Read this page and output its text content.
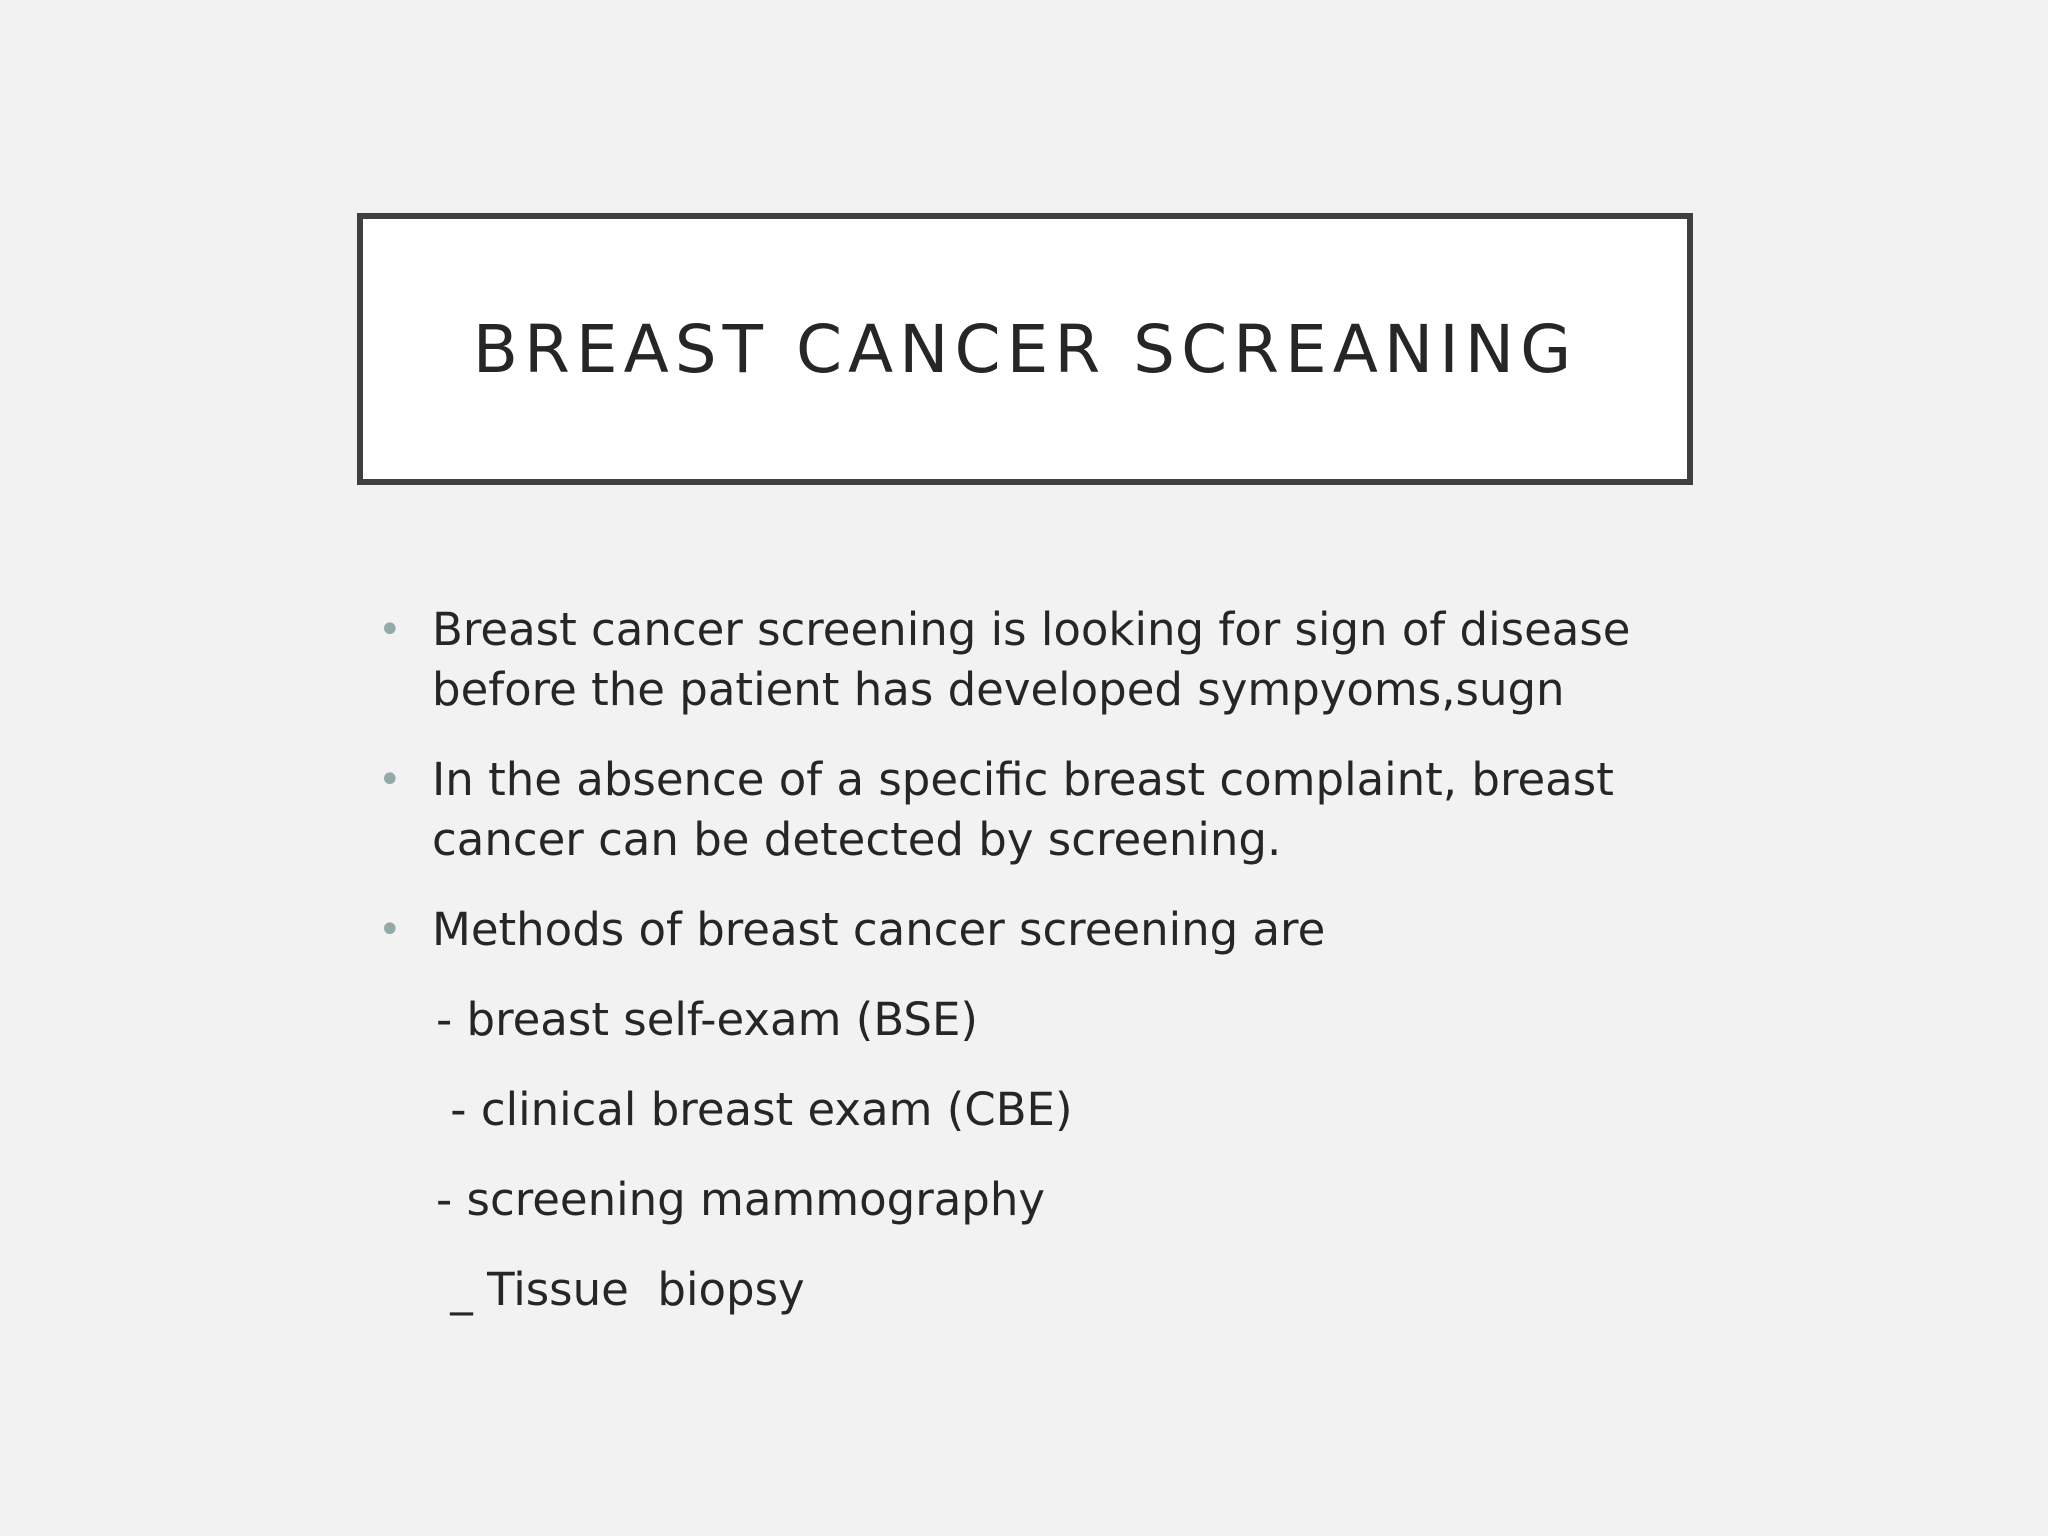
BREAST CANCER SCREANING
• Breast cancer screening is looking for sign of disease before the patient has developed sympyoms,sugn
• In the absence of a specific breast complaint, breast cancer can be detected by screening.
• Methods of breast cancer screening are
- breast self-exam (BSE)
- clinical breast exam (CBE)
- screening mammography
_ Tissue  biopsy
